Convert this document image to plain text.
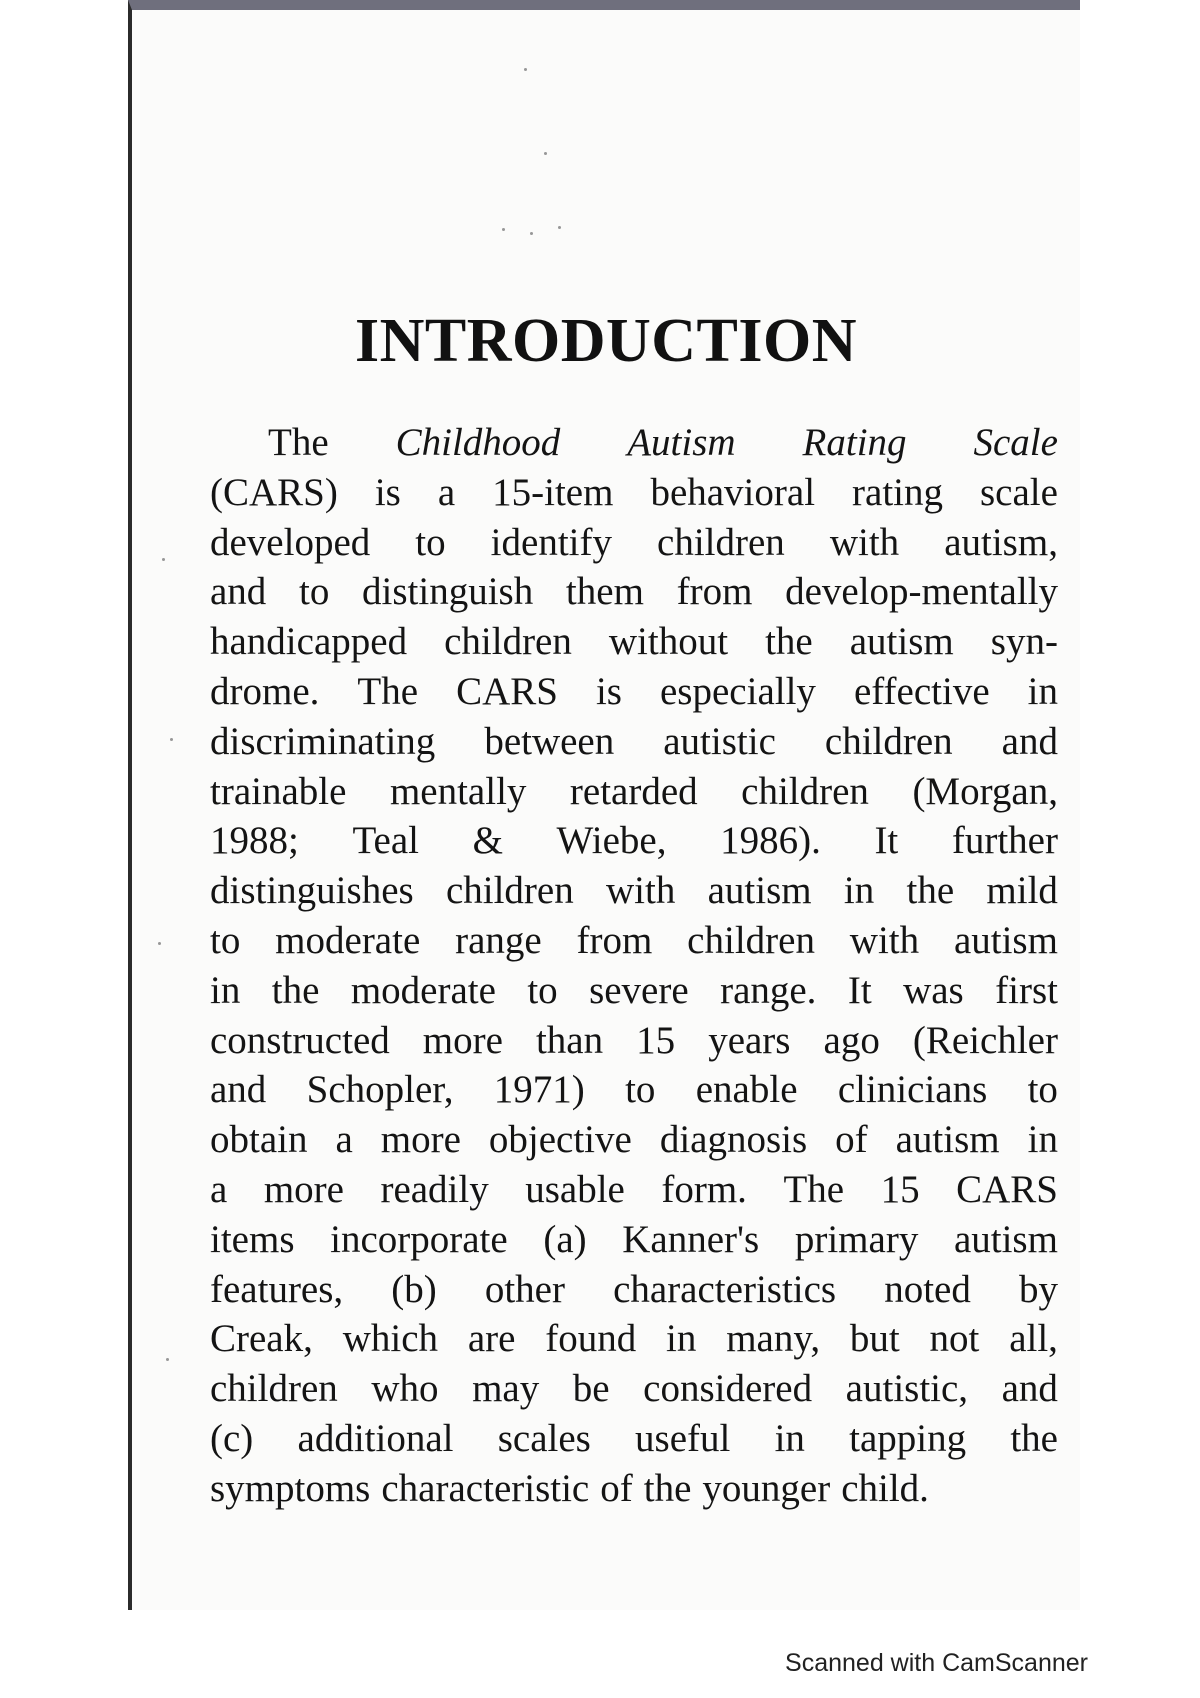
INTRODUCTION
The Childhood Autism Rating Scale
(CARS) is a 15-item behavioral rating scale
developed to identify children with autism,
and to distinguish them from develop-mentally
handicapped children without the autism syn-
drome. The CARS is especially effective in
discriminating between autistic children and
trainable mentally retarded children (Morgan,
1988; Teal & Wiebe, 1986). It further
distinguishes children with autism in the mild
to moderate range from children with autism
in the moderate to severe range. It was first
constructed more than 15 years ago (Reichler
and Schopler, 1971) to enable clinicians to
obtain a more objective diagnosis of autism in
a more readily usable form. The 15 CARS
items incorporate (a) Kanner's primary autism
features, (b) other characteristics noted by
Creak, which are found in many, but not all,
children who may be considered autistic, and
(c) additional scales useful in tapping the
symptoms characteristic of the younger child.

Scanned with CamScanner
